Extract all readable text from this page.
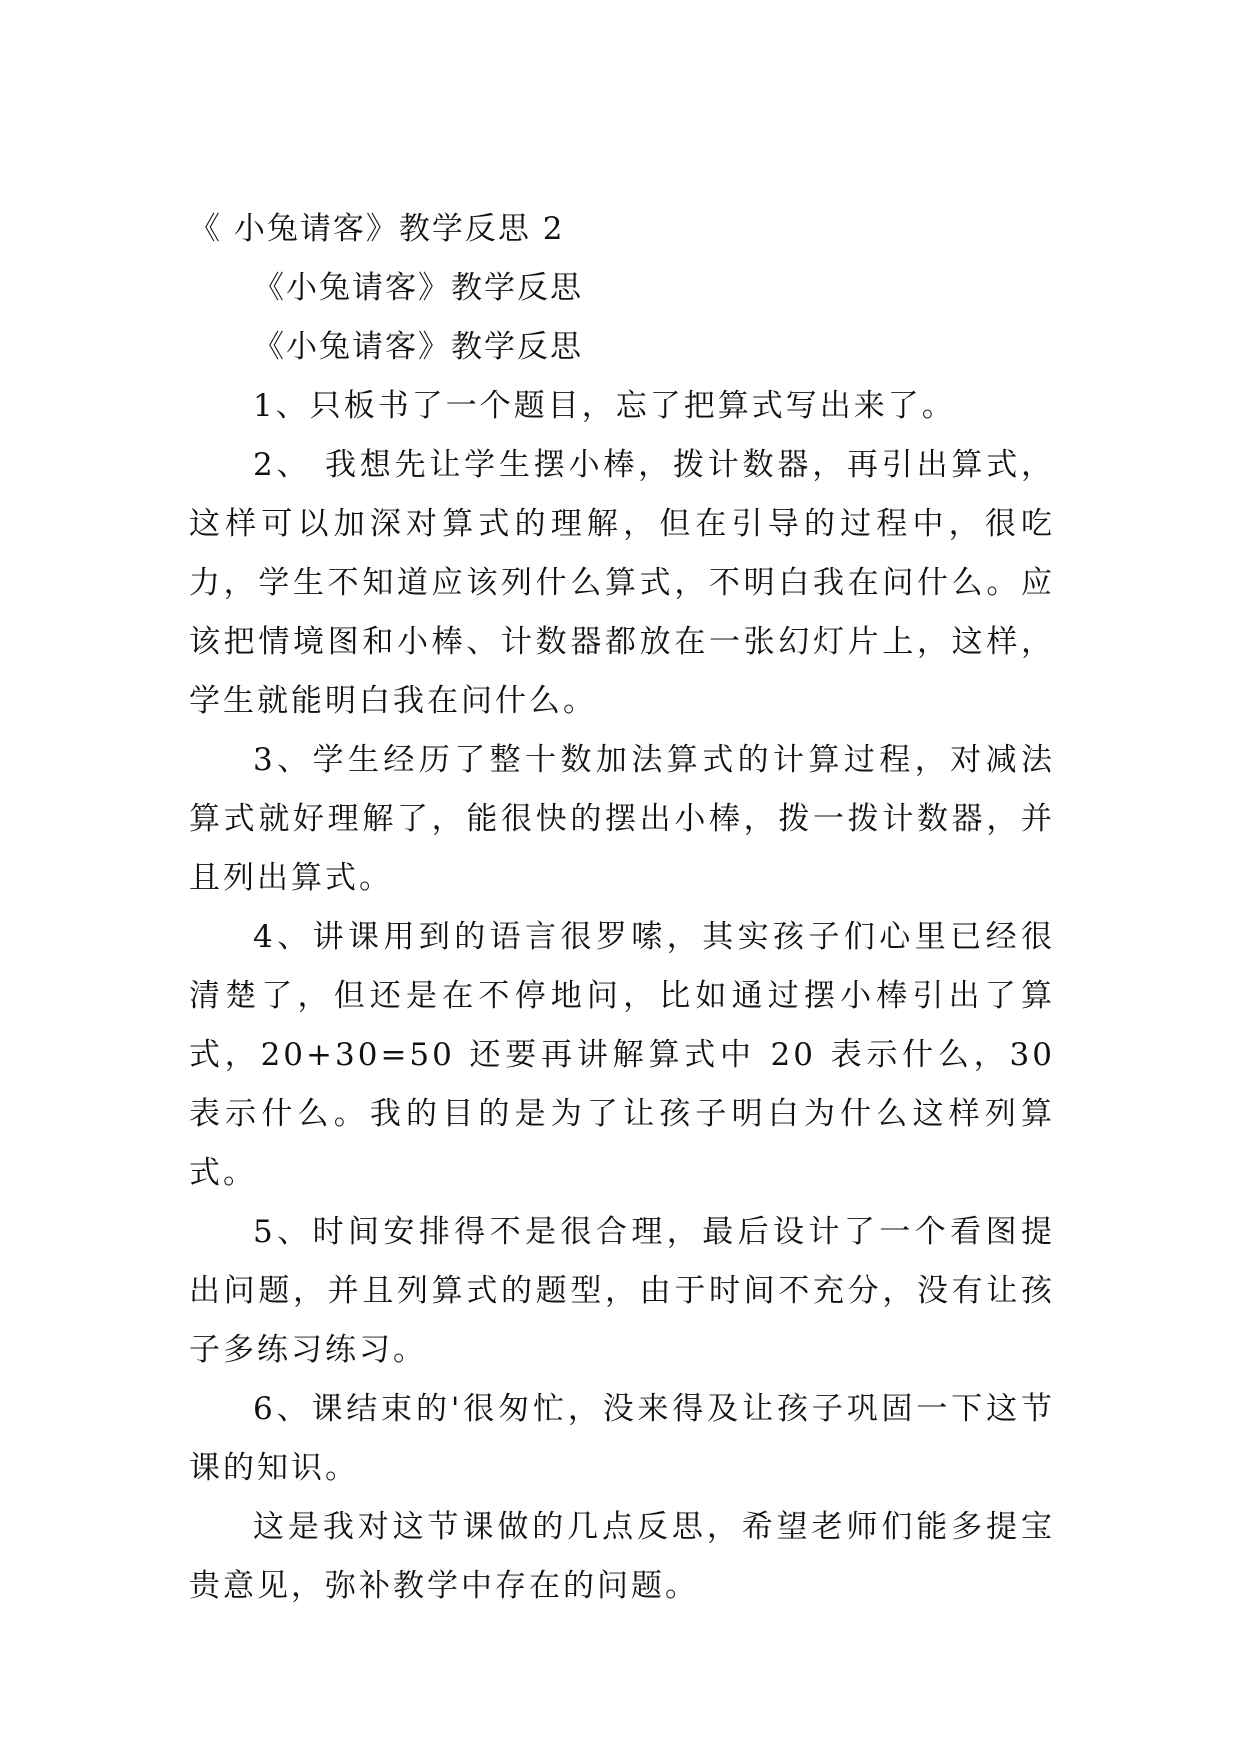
《 小兔请客》教学反思 2

《小兔请客》教学反思

《小兔请客》教学反思

1、只板书了一个题目，忘了把算式写出来了。

2、 我想先让学生摆小棒，拨计数器，再引出算式，这样可以加深对算式的理解，但在引导的过程中，很吃力，学生不知道应该列什么算式，不明白我在问什么。应该把情境图和小棒、计数器都放在一张幻灯片上，这样，学生就能明白我在问什么。

3、学生经历了整十数加法算式的计算过程，对减法算式就好理解了，能很快的摆出小棒，拨一拨计数器，并且列出算式。

4、讲课用到的语言很罗嗦，其实孩子们心里已经很清楚了，但还是在不停地问，比如通过摆小棒引出了算式，20+30=50 还要再讲解算式中 20 表示什么，30 表示什么。我的目的是为了让孩子明白为什么这样列算式。

5、时间安排得不是很合理，最后设计了一个看图提出问题，并且列算式的题型，由于时间不充分，没有让孩子多练习练习。

6、课结束的'很匆忙，没来得及让孩子巩固一下这节课的知识。

这是我对这节课做的几点反思，希望老师们能多提宝贵意见，弥补教学中存在的问题。
